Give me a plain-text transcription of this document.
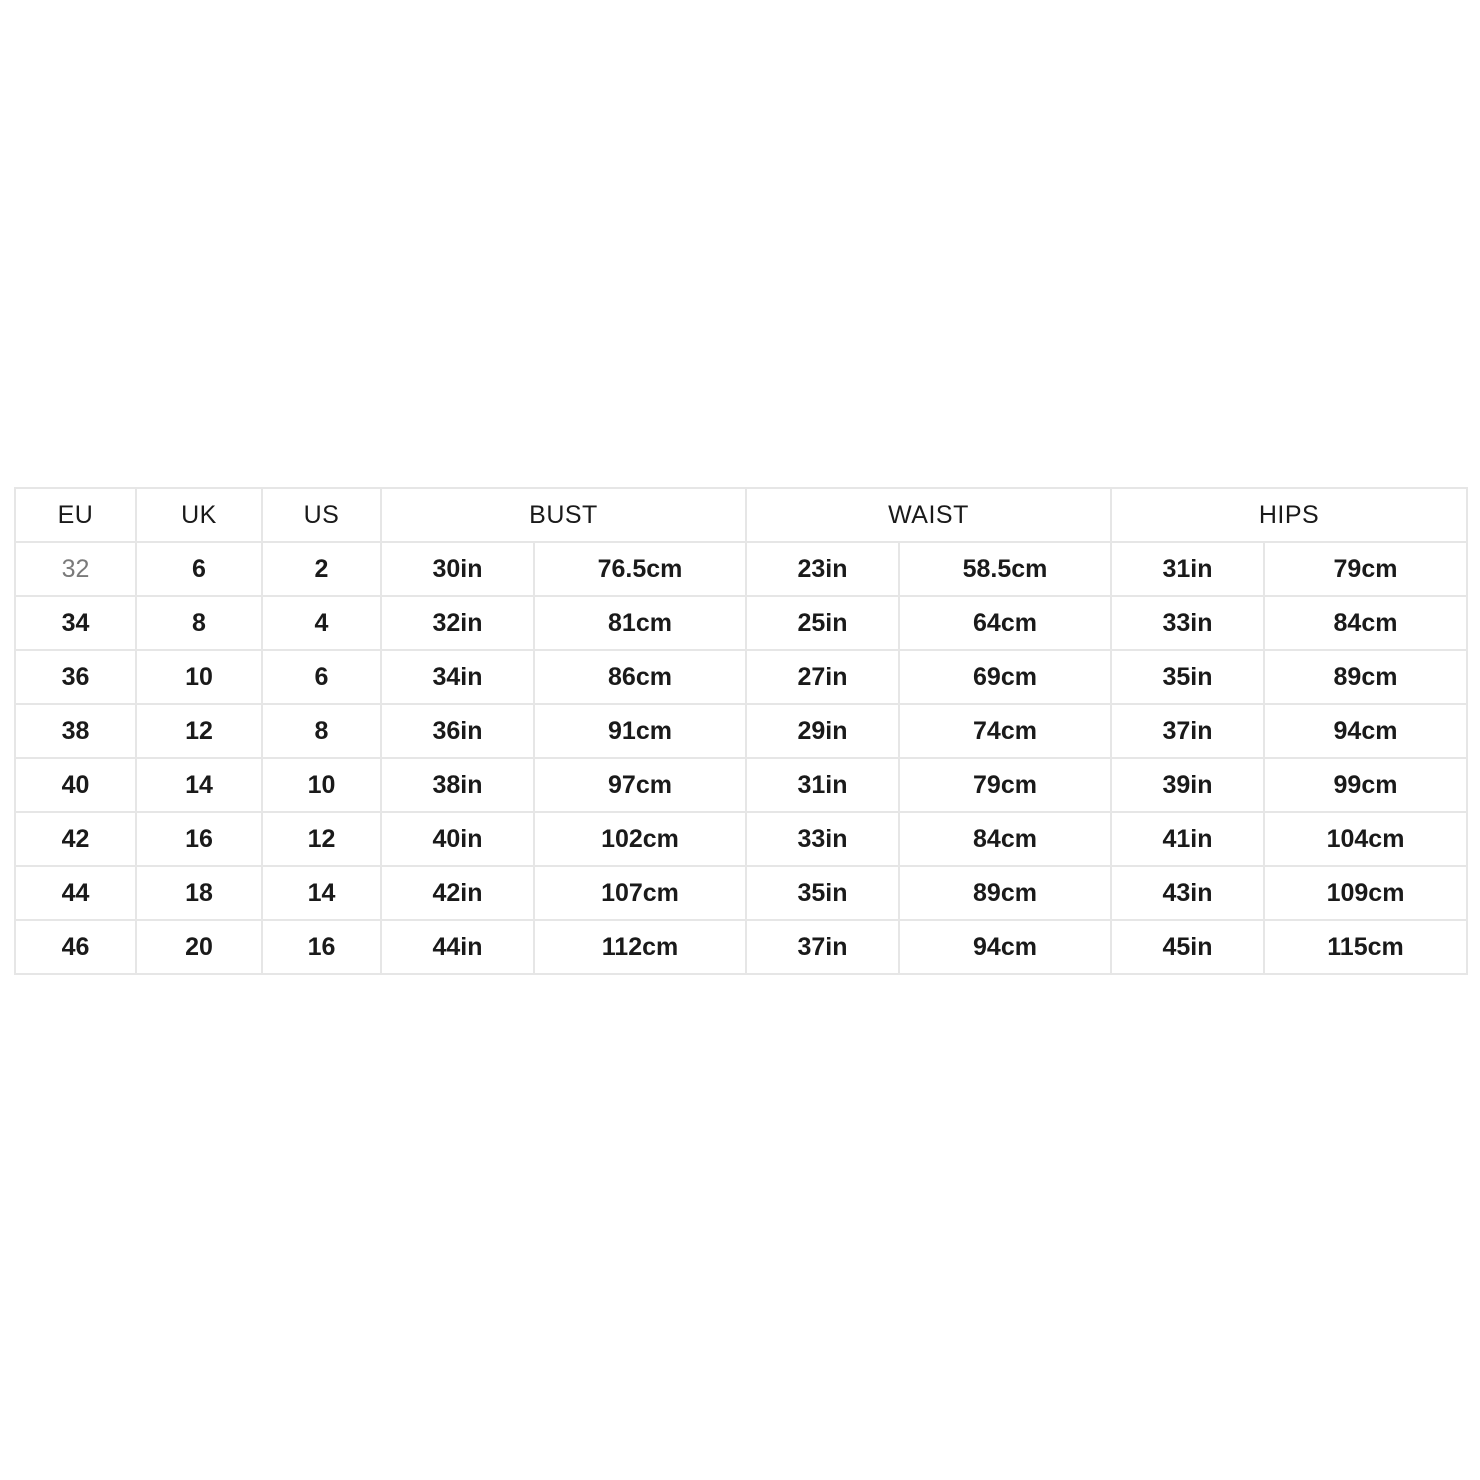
EU	UK	US	BUST		WAIST		HIPS	
32	6	2	30in	76.5cm	23in	58.5cm	31in	79cm
34	8	4	32in	81cm	25in	64cm	33in	84cm
36	10	6	34in	86cm	27in	69cm	35in	89cm
38	12	8	36in	91cm	29in	74cm	37in	94cm
40	14	10	38in	97cm	31in	79cm	39in	99cm
42	16	12	40in	102cm	33in	84cm	41in	104cm
44	18	14	42in	107cm	35in	89cm	43in	109cm
46	20	16	44in	112cm	37in	94cm	45in	115cm
